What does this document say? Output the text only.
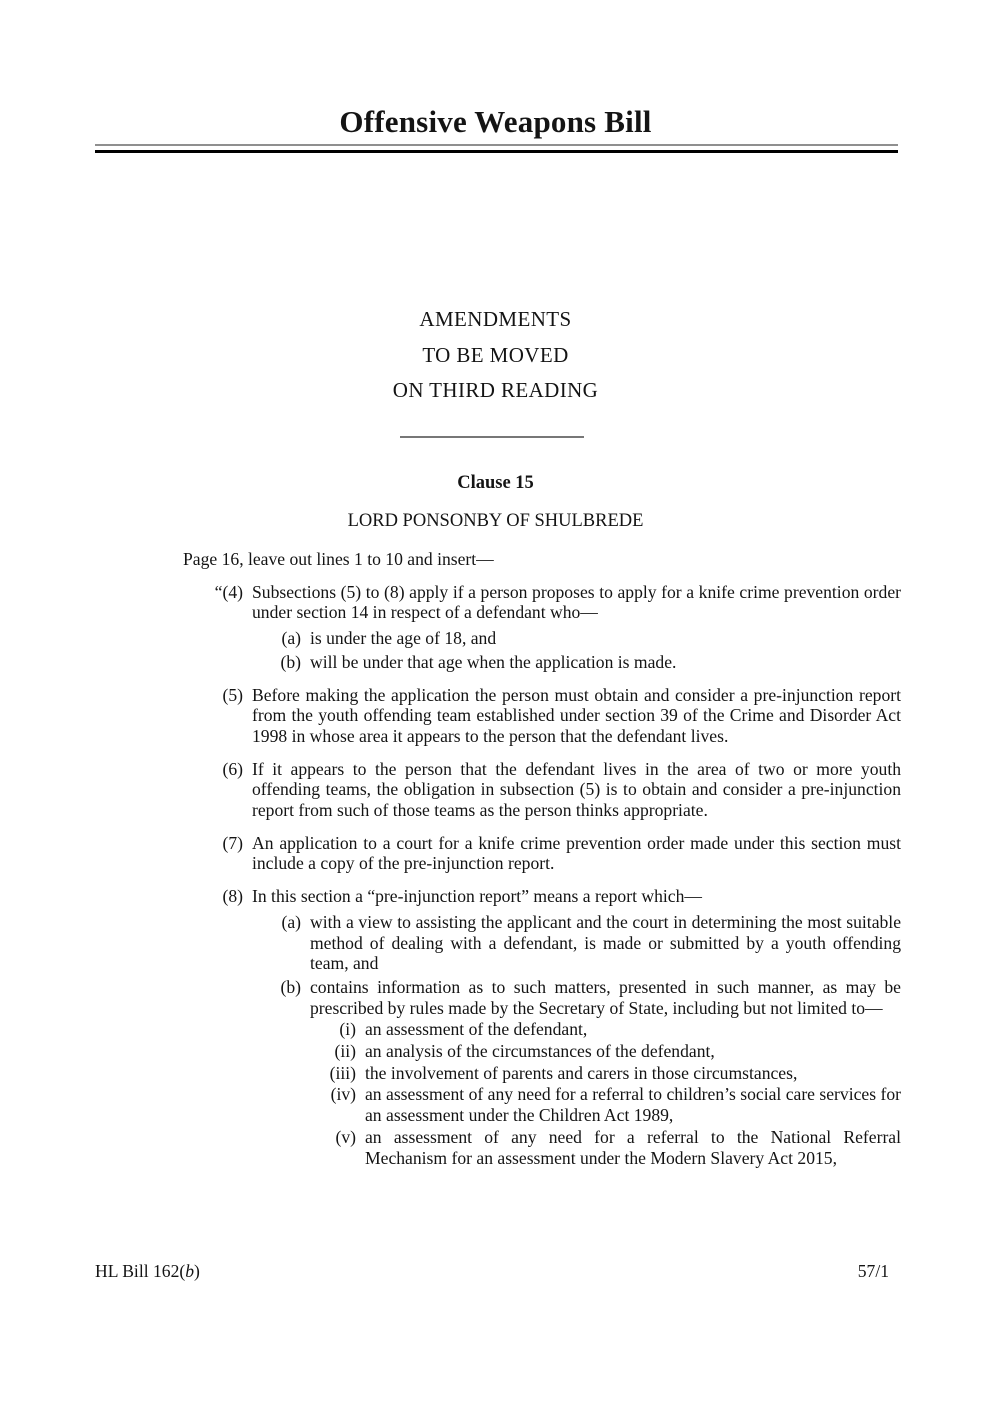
Offensive Weapons Bill
AMENDMENTS
TO BE MOVED
ON THIRD READING
Clause 15
LORD PONSONBY OF SHULBREDE
Page 16, leave out lines 1 to 10 and insert—
“(4) Subsections (5) to (8) apply if a person proposes to apply for a knife crime prevention order under section 14 in respect of a defendant who—
(a) is under the age of 18, and
(b) will be under that age when the application is made.
(5) Before making the application the person must obtain and consider a pre-injunction report from the youth offending team established under section 39 of the Crime and Disorder Act 1998 in whose area it appears to the person that the defendant lives.
(6) If it appears to the person that the defendant lives in the area of two or more youth offending teams, the obligation in subsection (5) is to obtain and consider a pre-injunction report from such of those teams as the person thinks appropriate.
(7) An application to a court for a knife crime prevention order made under this section must include a copy of the pre-injunction report.
(8) In this section a “pre-injunction report” means a report which—
(a) with a view to assisting the applicant and the court in determining the most suitable method of dealing with a defendant, is made or submitted by a youth offending team, and
(b) contains information as to such matters, presented in such manner, as may be prescribed by rules made by the Secretary of State, including but not limited to—
(i) an assessment of the defendant,
(ii) an analysis of the circumstances of the defendant,
(iii) the involvement of parents and carers in those circumstances,
(iv) an assessment of any need for a referral to children’s social care services for an assessment under the Children Act 1989,
(v) an assessment of any need for a referral to the National Referral Mechanism for an assessment under the Modern Slavery Act 2015,
HL Bill 162(b)	57/1
